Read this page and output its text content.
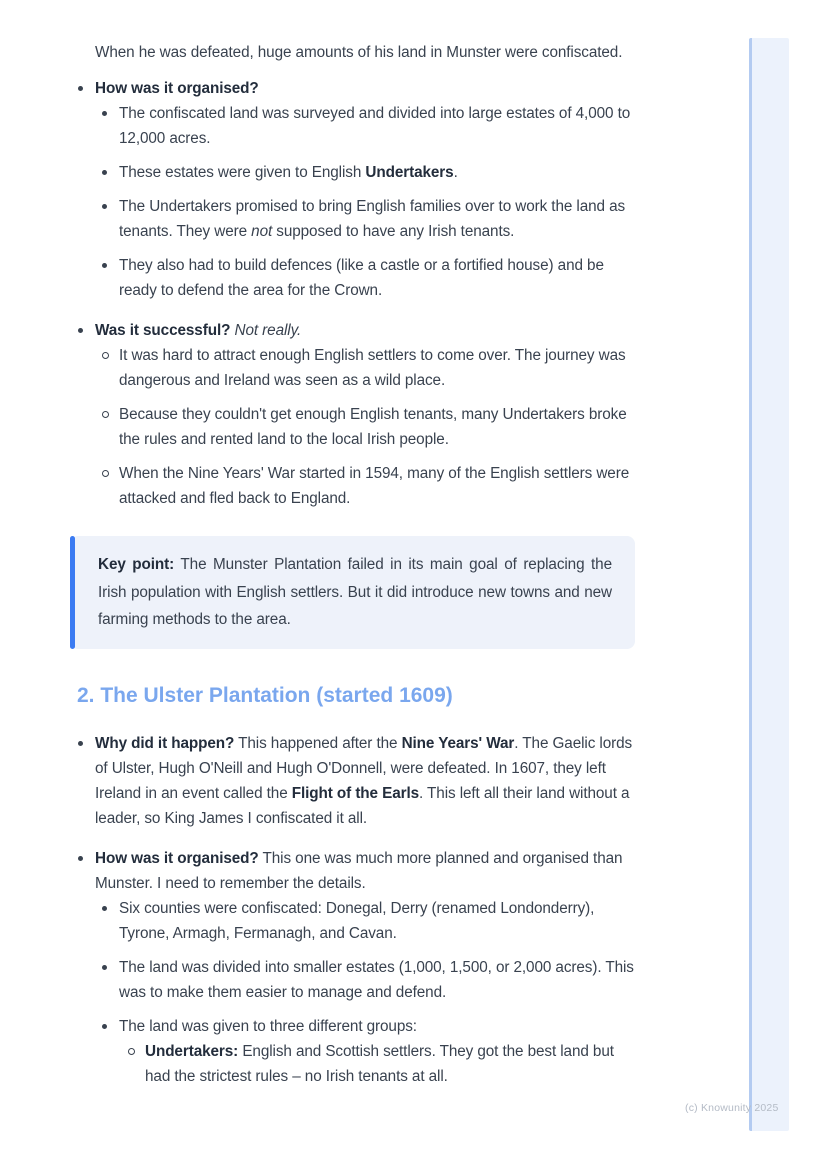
When he was defeated, huge amounts of his land in Munster were confiscated.

How was it organised?
The confiscated land was surveyed and divided into large estates of 4,000 to 12,000 acres.
These estates were given to English Undertakers.
The Undertakers promised to bring English families over to work the land as tenants. They were not supposed to have any Irish tenants.
They also had to build defences (like a castle or a fortified house) and be ready to defend the area for the Crown.
Was it successful? Not really.
It was hard to attract enough English settlers to come over. The journey was dangerous and Ireland was seen as a wild place.
Because they couldn't get enough English tenants, many Undertakers broke the rules and rented land to the local Irish people.
When the Nine Years' War started in 1594, many of the English settlers were attacked and fled back to England.

Key point: The Munster Plantation failed in its main goal of replacing the Irish population with English settlers. But it did introduce new towns and new farming methods to the area.

2. The Ulster Plantation (started 1609)
Why did it happen? This happened after the Nine Years' War. The Gaelic lords of Ulster, Hugh O'Neill and Hugh O'Donnell, were defeated. In 1607, they left Ireland in an event called the Flight of the Earls. This left all their land without a leader, so King James I confiscated it all.
How was it organised? This one was much more planned and organised than Munster. I need to remember the details.
Six counties were confiscated: Donegal, Derry (renamed Londonderry), Tyrone, Armagh, Fermanagh, and Cavan.
The land was divided into smaller estates (1,000, 1,500, or 2,000 acres). This was to make them easier to manage and defend.
The land was given to three different groups:
Undertakers: English and Scottish settlers. They got the best land but had the strictest rules – no Irish tenants at all.
(c) Knowunity 2025
